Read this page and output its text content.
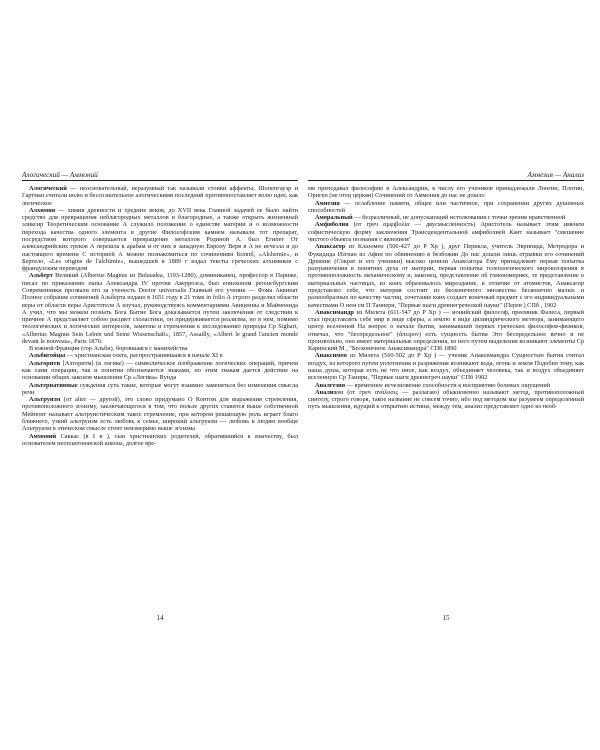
Алогический — Аммоний

Алогический — неосновательный, неразумный так называли стоики аффекты, Шопенгауэр и Гартман считали волю и бессознательное алогическими последний противопоставляет волю идее, как логическое

Алхимия — химия древности и средних веков, до XVII века Главной задачей ее было найти средство для превращения неблагородных металлов в благородные, а также открыть жизненный эликсир Теоретическим основание А служило положение о единстве материи и о возможности перехода качества одного элемента в другие Философским камнем называли тот препарат, посредством которого совершается превращение металлов Родиной А. был Египет От александрийских греков А перешла к арабам и от них в западную Европу Верв в А не исчезла и до настоящего времени С историей А можно познакомиться по сочинениям Коппб, «Alchemie», и Бертело, «Les origins de l'alchimie», вышедшей в 1889 г издал тексты греческих алхимиков с французским переводом

Альберт Великий (Albertus Magnus из Bolstadea, 1193-1280), доминиканец, профессор в Париже, писал по приказанию папы Александра IV против Аверроэса, был епископом регенсбургским Современники прозвали его за ученость Doctor universalis Главный его ученик — Фома Аквинат Полное собрание сочинений Альберта издано в 1651 году в 21 томе in folio А строго разделял области веры от области веры Аристотеля А изучал, руководствуясь комментариями Авиценны и Маймонида А учил, что мы можем познать Бога Бытие Бога доказывается путем заключения от следствия к причине А представляет собою расцвет схоластики, он придерживается реализма, но в нем, помимо теологических и логических интересов, заметны и стремления к исследованию природы Ср Sighart, «Albertus Magnus Sein Leben und Seine Wissenschaft», 1857, Assailly, «Albert le grand l'ancien monde devant le nouveau», Paris 1870.

В южной Франции (гор Альби), боровшаяся с манихейства

Альбигойцы — христианская секта, распространившаяся в начале XI в

Альгорити [Алгоритм] (в логике) — символическое изображение логических операций, причем как сами операции, так и понятия обозначаются знаками, но этим знакам дается действие на основании общих законов мышления Ср «Логика» Вунда

Альтернативные суждения суть такие, которые могут взаимно заменяться без изменения смысла речи

Альтруизм (от alter — другой), это слово придумано О Контом для выражения стремления, противоположного эгоизму, заключающегося в том, что пользе других ставится выше собственной Мейнонг называет альтруистическим такое стремление, при котором решающую роль играет благо ближнего, узкий альтруизм есть любовь к семье, широкий альтруизм — любовь к людям вообще Альтруизм в этическом смысле стоит неизмеримо выше эгоизма

Аммоний Саккас (в I в ), сын христианских родителей, обратившийся к язычеству, был основателем неоплатоновской школы, долгое вре-

14
Амнезия — Анализ

мя преподавал философию в Александрии, к числу его учеников принадлежали Лонгин, Плотин, Ориген (не отец церкви) Сочинений от Аммония до нас не дошло

Амнезия — ослабление памяти, общее или частичное, при сохранении других душевных способностей

Аморальный — безразличный, не допускающий истолкования с точки зрения нравственной

Амфиболия (от греч αμφιβολία — двусмысленность) Аристотель называет этим именем софистическую форму заключения Трансцендентальной амфиболией Кант называет "смешение чистого объекта познания с явлением"

Анаксагор из Клазомен (500-427 до Р Хр ), друг Перикла, учитель Эврипида, Метродора и Фукидида Изгнан из Афин по обвинению в безбожии До нас дошли лишь отрывки его сочинений Древние (Сократ и его ученики) высоко ценили Анаксагора Ему принадлежит первая попытка разграничения в понятиях духа от материи, первая попытка телеологического мировоззрения в противоположность механическому и, наконец, представление об гомоиомериях, те представление о материальных частицах, из коих образовалось мироздание, в отличие от атомистов, Анаксагор представлял себе, что материя состоит из бесконечного множества бесконечно малых и разнообразных по качеству частиц, сочетание коих создает конечный предмет с его индивидуальными качествами О нем см П Таннери, "Первые шаги древнегреческой науки" (Перев ) СПб , 1902

Анаксимандр из Милета (611-547 до Р Хр ) — ионийский философ, преемник Фалеса, первый стал представлять себе мир в виде сферы, а землю в виде цилиндрического метеора, занимающего центр вселенной На вопрос о начале бытия, занимавший первых греческих философов-физиков, отвечал, что "беспредельное" (ἄπειρον) есть сущность бытия Это беспредельное вечно и не произвольно, оно имеет материальные определения, из него путем выделения возникают элементы Ср Каринский М , "Бесконечное Анаксимандра" СПб 1890

Анаксимен из Милета (560-502 до Р Хр ) — ученик Анаксимандра Сущностью бытия считал воздух, из которого путем уплотнения и разряжения возникают вода, огонь и земля Подобно тому, как наша душа, которая есть не что иное, как воздух, объединяет человека, так и воздух объединяет вселенную Ср Таннри, "Первые шаги древнегреч науки" СПб 1902

Аналгезия — временное исчезновение способности к восприятию болевых ощущений

Анализом (от греч ανάλυσις — разлагаю) обыкновенно называют метод, противоположный синтезу, строго говоря, такое название не совсем точно, ибо под методом мы разумеем определенный путь мышления, идущий к открытию истины, между тем, анализ представляет одно из необ-

15
